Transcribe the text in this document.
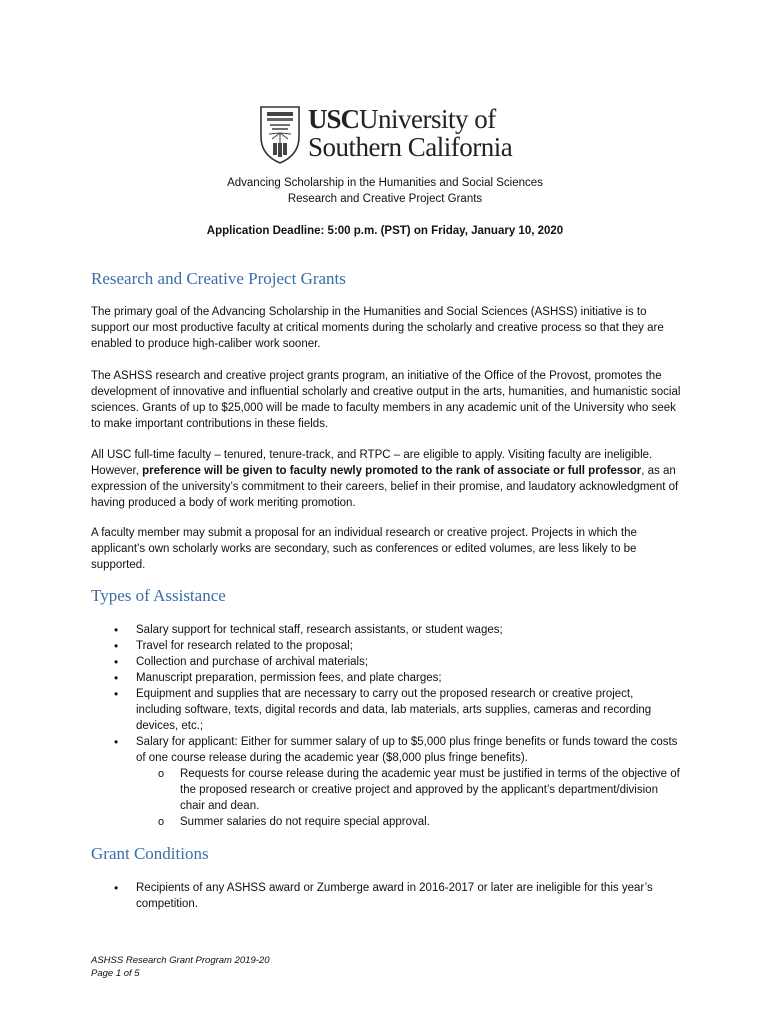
USCUniversity of
Southern California
Advancing Scholarship in the Humanities and Social Sciences
Research and Creative Project Grants
Application Deadline: 5:00 p.m. (PST) on Friday, January 10, 2020
Research and Creative Project Grants

The primary goal of the Advancing Scholarship in the Humanities and Social Sciences (ASHSS) initiative is to support our most productive faculty at critical moments during the scholarly and creative process so that they are enabled to produce high-caliber work sooner.

The ASHSS research and creative project grants program, an initiative of the Office of the Provost, promotes the development of innovative and influential scholarly and creative output in the arts, humanities, and humanistic social sciences. Grants of up to $25,000 will be made to faculty members in any academic unit of the University who seek to make important contributions in these fields.

All USC full-time faculty – tenured, tenure-track, and RTPC – are eligible to apply. Visiting faculty are ineligible. However, preference will be given to faculty newly promoted to the rank of associate or full professor, as an expression of the university’s commitment to their careers, belief in their promise, and laudatory acknowledgment of having produced a body of work meriting promotion.

A faculty member may submit a proposal for an individual research or creative project. Projects in which the applicant’s own scholarly works are secondary, such as conferences or edited volumes, are less likely to be supported.

Types of Assistance
• Salary support for technical staff, research assistants, or student wages;
• Travel for research related to the proposal;
• Collection and purchase of archival materials;
• Manuscript preparation, permission fees, and plate charges;
• Equipment and supplies that are necessary to carry out the proposed research or creative project, including software, texts, digital records and data, lab materials, arts supplies, cameras and recording devices, etc.;
• Salary for applicant: Either for summer salary of up to $5,000 plus fringe benefits or funds toward the costs of one course release during the academic year ($8,000 plus fringe benefits).
o Requests for course release during the academic year must be justified in terms of the objective of the proposed research or creative project and approved by the applicant’s department/division chair and dean.
o Summer salaries do not require special approval.
Grant Conditions
• Recipients of any ASHSS award or Zumberge award in 2016-2017 or later are ineligible for this year’s competition.
ASHSS Research Grant Program 2019-20
Page 1 of 5
